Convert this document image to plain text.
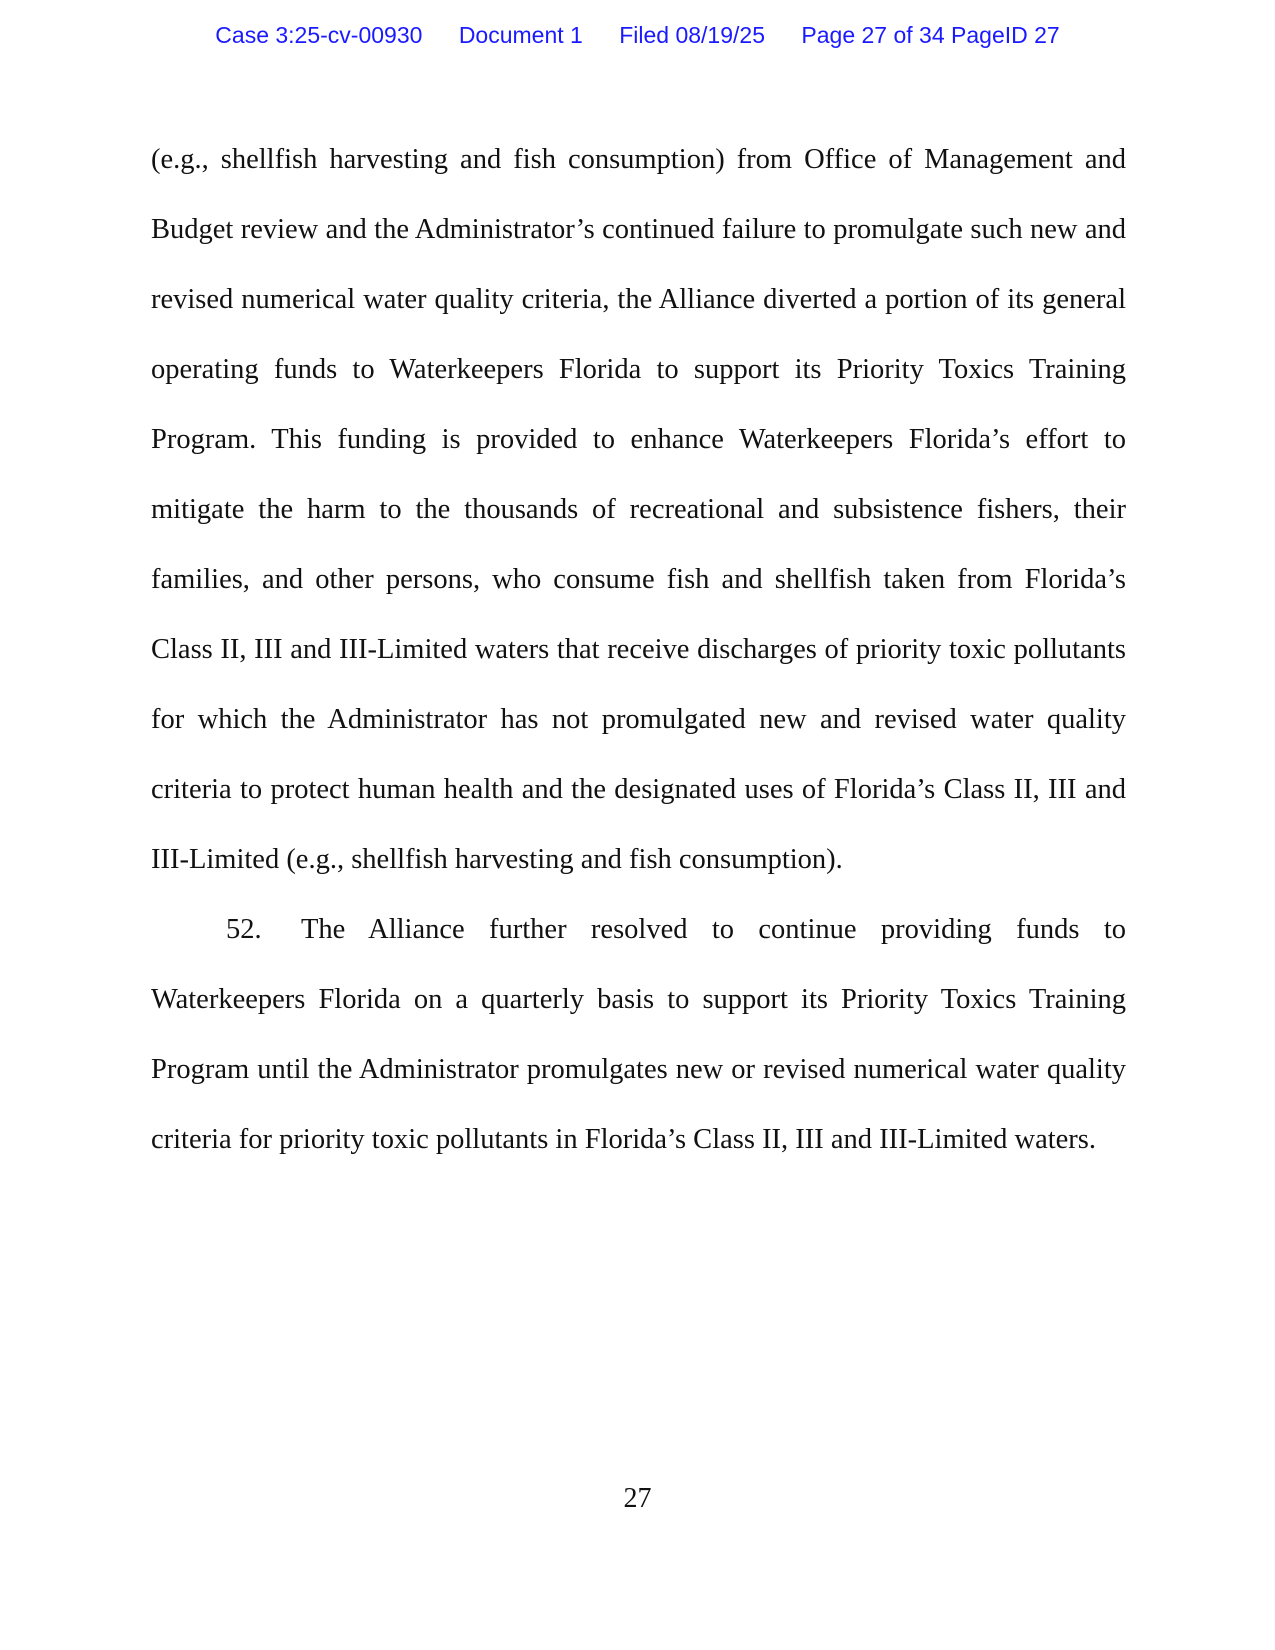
Case 3:25-cv-00930 Document 1 Filed 08/19/25 Page 27 of 34 PageID 27

(e.g., shellfish harvesting and fish consumption) from Office of Management and Budget review and the Administrator’s continued failure to promulgate such new and revised numerical water quality criteria, the Alliance diverted a portion of its general operating funds to Waterkeepers Florida to support its Priority Toxics Training Program. This funding is provided to enhance Waterkeepers Florida’s effort to mitigate the harm to the thousands of recreational and subsistence fishers, their families, and other persons, who consume fish and shellfish taken from Florida’s Class II, III and III-Limited waters that receive discharges of priority toxic pollutants for which the Administrator has not promulgated new and revised water quality criteria to protect human health and the designated uses of Florida’s Class II, III and III-Limited (e.g., shellfish harvesting and fish consumption).

52. The Alliance further resolved to continue providing funds to Waterkeepers Florida on a quarterly basis to support its Priority Toxics Training Program until the Administrator promulgates new or revised numerical water quality criteria for priority toxic pollutants in Florida’s Class II, III and III-Limited waters.

27
